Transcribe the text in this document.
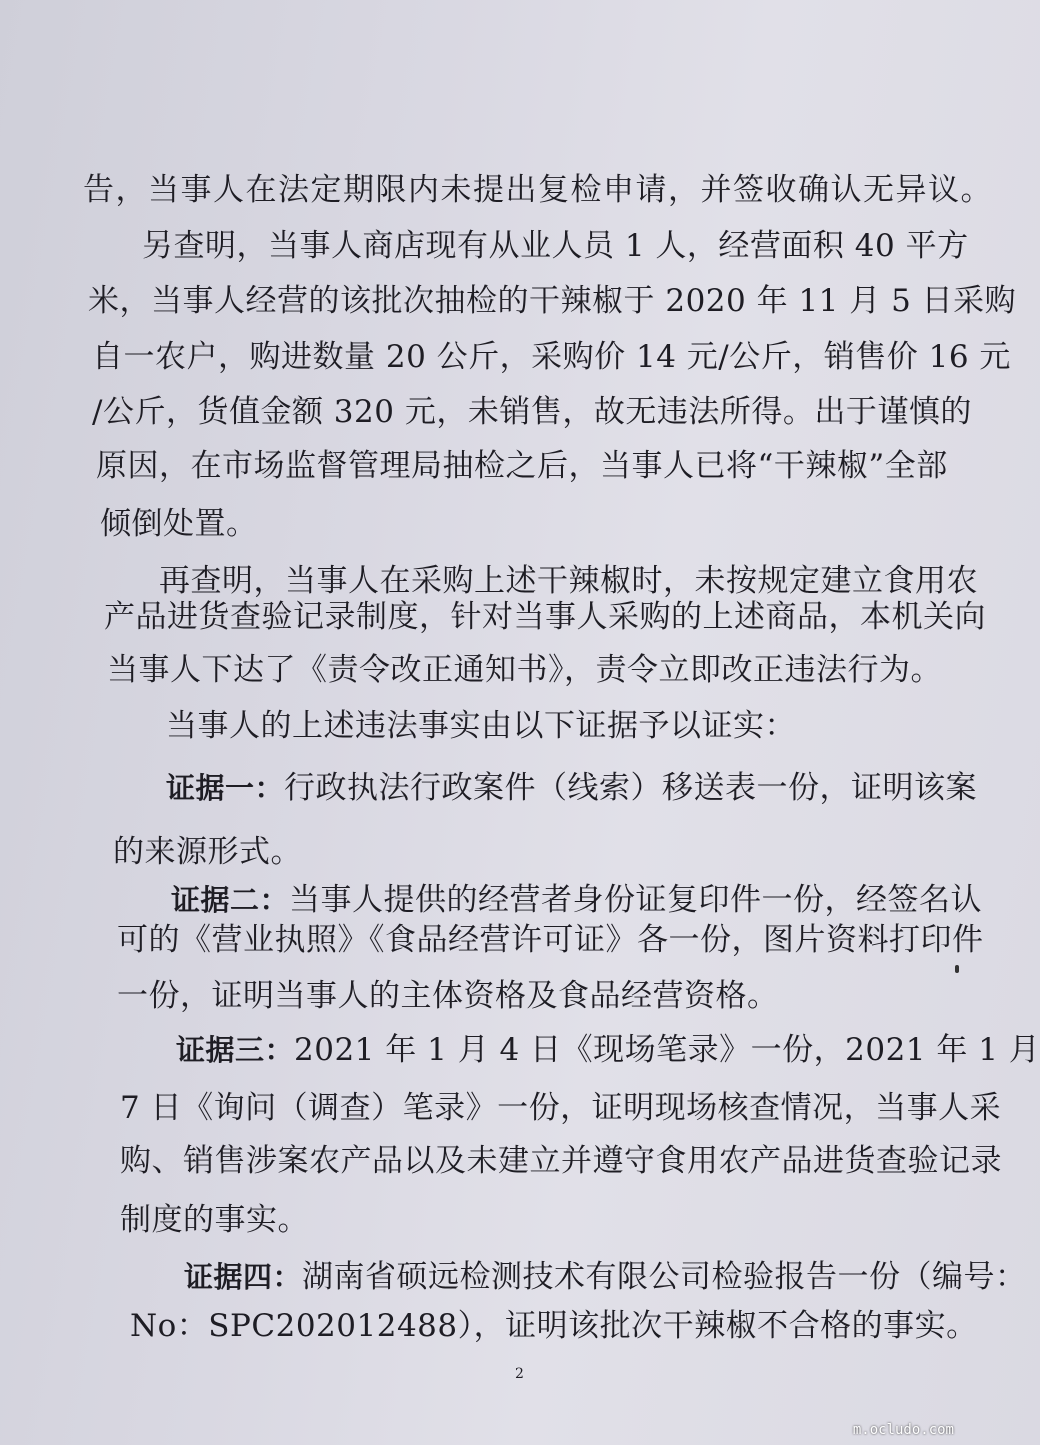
告，当事人在法定期限内未提出复检申请，并签收确认无异议。
另查明，当事人商店现有从业人员 1 人，经营面积 40 平方
米，当事人经营的该批次抽检的干辣椒于 2020 年 11 月 5 日采购
自一农户，购进数量 20 公斤，采购价 14 元/公斤，销售价 16 元
/公斤，货值金额 320 元，未销售，故无违法所得。出于谨慎的
原因，在市场监督管理局抽检之后，当事人已将“干辣椒”全部
倾倒处置。
再查明，当事人在采购上述干辣椒时，未按规定建立食用农
产品进货查验记录制度，针对当事人采购的上述商品，本机关向
当事人下达了《责令改正通知书》，责令立即改正违法行为。
当事人的上述违法事实由以下证据予以证实：
证据一：行政执法行政案件（线索）移送表一份，证明该案
的来源形式。
证据二：当事人提供的经营者身份证复印件一份，经签名认
可的《营业执照》《食品经营许可证》各一份，图片资料打印件
一份，证明当事人的主体资格及食品经营资格。
证据三：2021 年 1 月 4 日《现场笔录》一份，2021 年 1 月
7 日《询问（调查）笔录》一份，证明现场核查情况，当事人采
购、销售涉案农产品以及未建立并遵守食用农产品进货查验记录
制度的事实。
证据四：湖南省硕远检测技术有限公司检验报告一份（编号：
No：SPC202012488），证明该批次干辣椒不合格的事实。
2
m.ocludo.com
